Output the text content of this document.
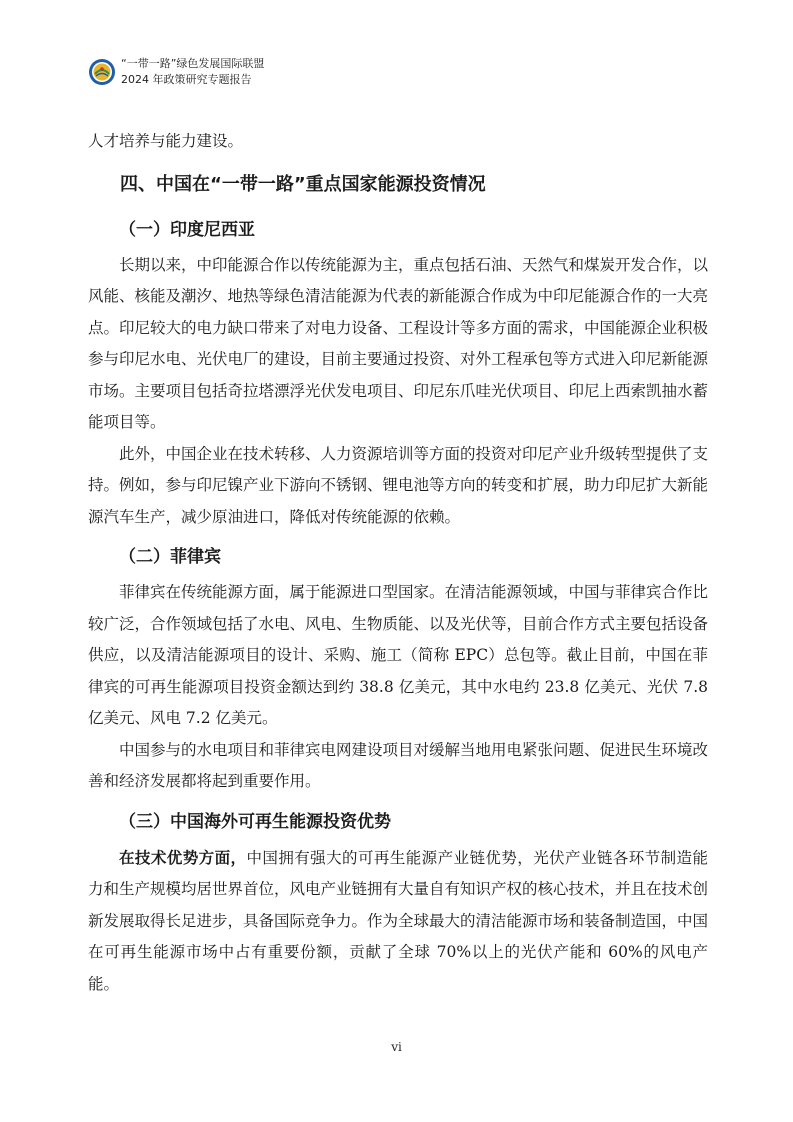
“一带一路”绿色发展国际联盟
2024 年政策研究专题报告

人才培养与能力建设。

四、中国在“一带一路”重点国家能源投资情况
（一）印度尼西亚

长期以来，中印能源合作以传统能源为主，重点包括石油、天然气和煤炭开发合作，以风能、核能及潮汐、地热等绿色清洁能源为代表的新能源合作成为中印尼能源合作的一大亮点。印尼较大的电力缺口带来了对电力设备、工程设计等多方面的需求，中国能源企业积极参与印尼水电、光伏电厂的建设，目前主要通过投资、对外工程承包等方式进入印尼新能源市场。主要项目包括奇拉塔漂浮光伏发电项目、印尼东爪哇光伏项目、印尼上西索凯抽水蓄能项目等。

此外，中国企业在技术转移、人力资源培训等方面的投资对印尼产业升级转型提供了支持。例如，参与印尼镍产业下游向不锈钢、锂电池等方向的转变和扩展，助力印尼扩大新能源汽车生产，减少原油进口，降低对传统能源的依赖。

（二）菲律宾

菲律宾在传统能源方面，属于能源进口型国家。在清洁能源领域，中国与菲律宾合作比较广泛，合作领域包括了水电、风电、生物质能、以及光伏等，目前合作方式主要包括设备供应，以及清洁能源项目的设计、采购、施工（简称 EPC）总包等。截止目前，中国在菲律宾的可再生能源项目投资金额达到约 38.8 亿美元，其中水电约 23.8 亿美元、光伏 7.8 亿美元、风电 7.2 亿美元。

中国参与的水电项目和菲律宾电网建设项目对缓解当地用电紧张问题、促进民生环境改善和经济发展都将起到重要作用。

（三）中国海外可再生能源投资优势

在技术优势方面，中国拥有强大的可再生能源产业链优势，光伏产业链各环节制造能力和生产规模均居世界首位，风电产业链拥有大量自有知识产权的核心技术，并且在技术创新发展取得长足进步，具备国际竞争力。作为全球最大的清洁能源市场和装备制造国，中国在可再生能源市场中占有重要份额，贡献了全球 70%以上的光伏产能和 60%的风电产能。

vi
